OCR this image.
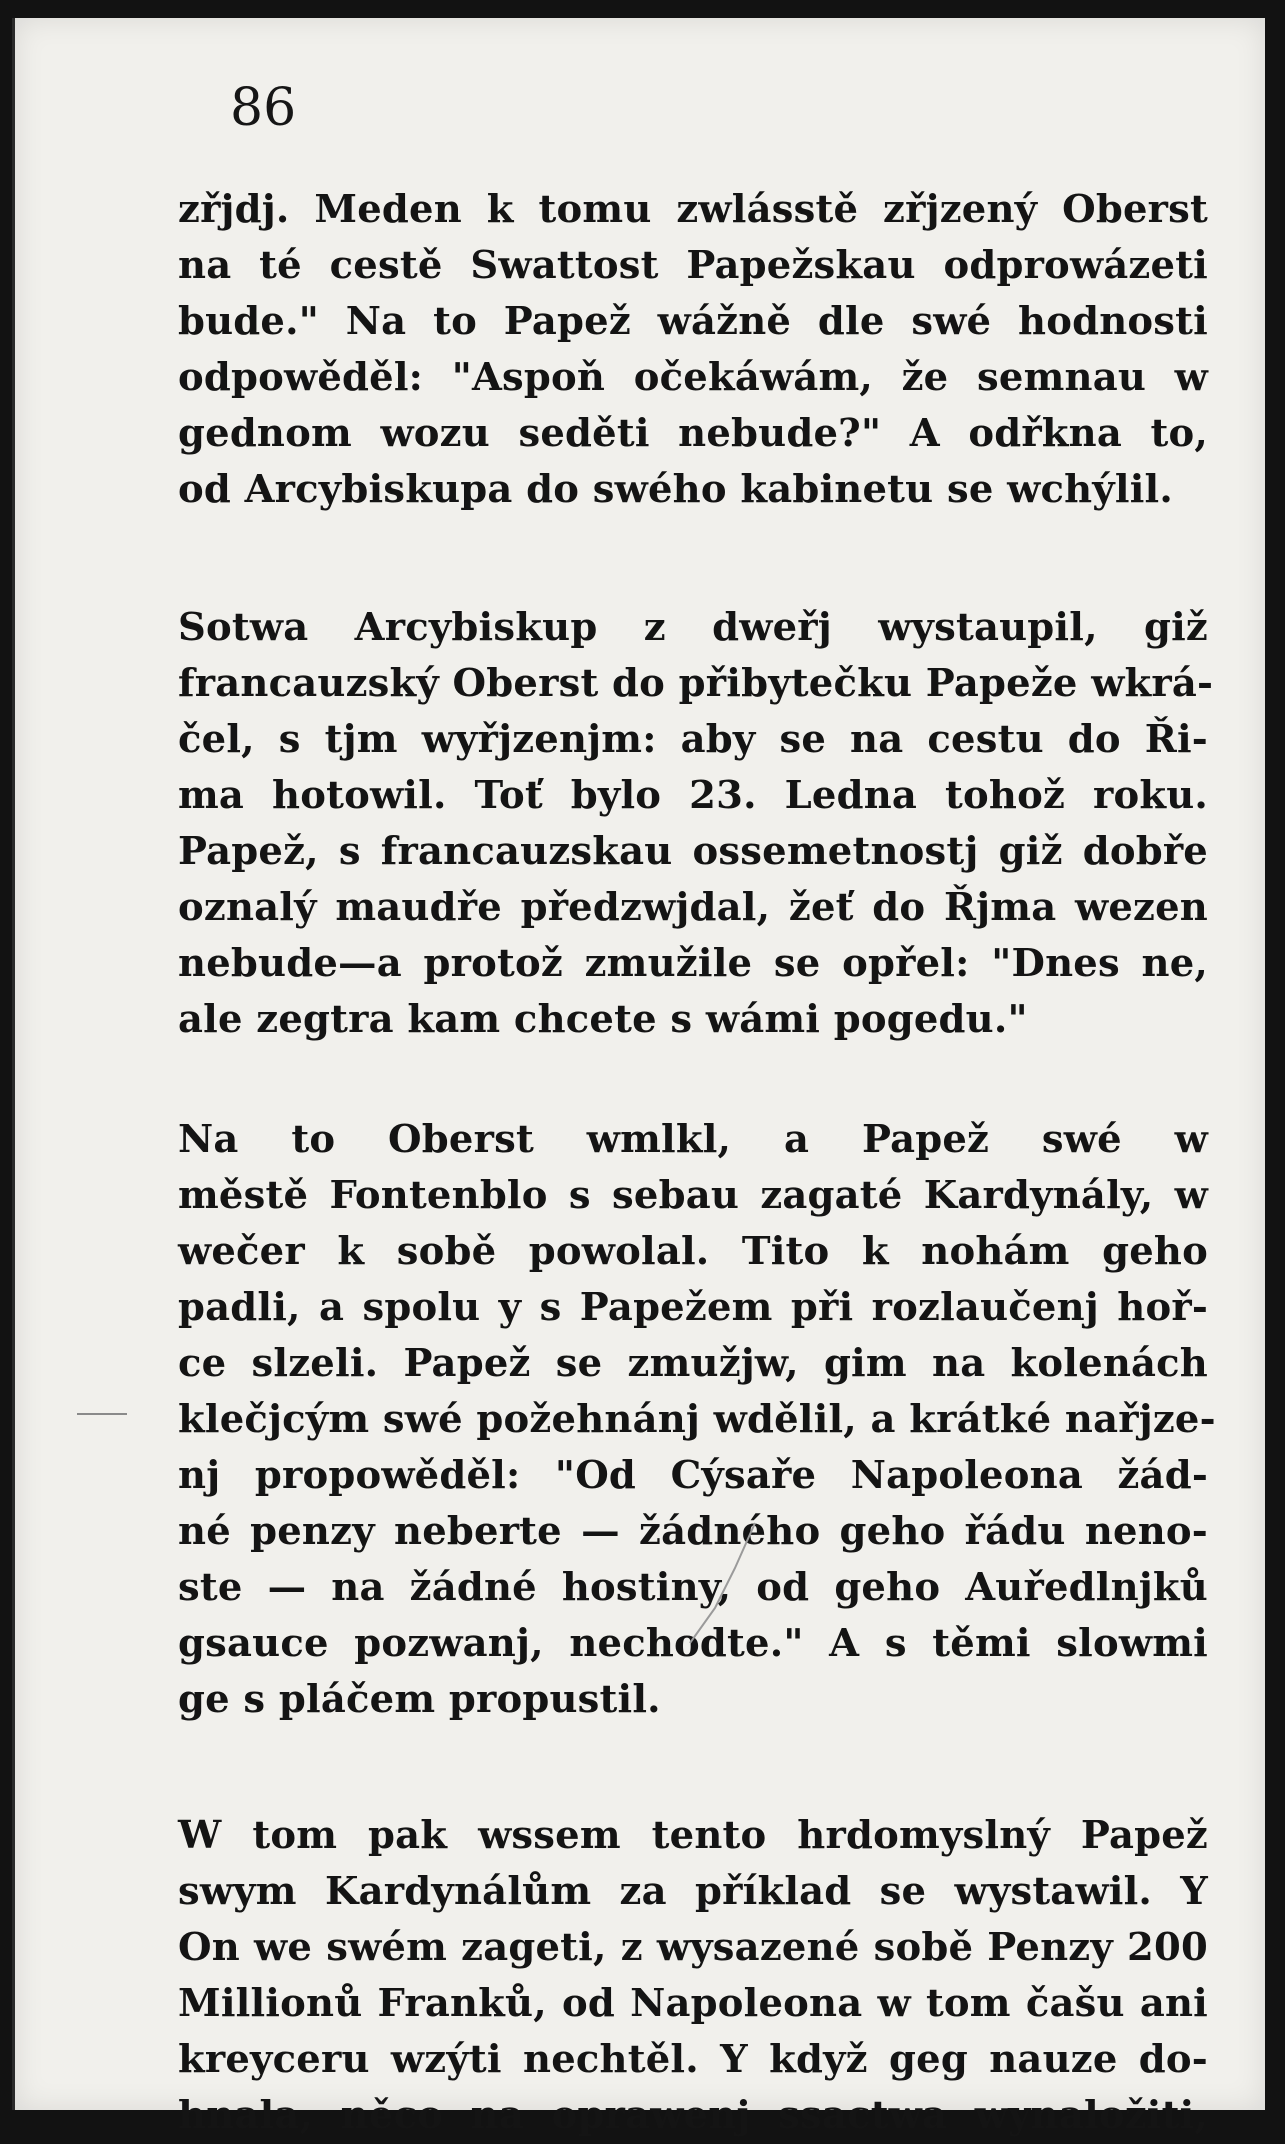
86
zřjdj. Meden k tomu zwlásstě zřjzený Oberst
na té cestě Swattost Papežskau odprowázeti
bude." Na to Papež wážně dle swé hodnosti
odpowěděl: "Aspoň očekáwám, že semnau w
gednom wozu seděti nebude?" A odřkna to,
od Arcybiskupa do swého kabinetu se wchýlil.
Sotwa Arcybiskup z dweřj wystaupil, giž
francauzský Oberst do přibytečku Papeže wkrá-
čel, s tjm wyřjzenjm: aby se na cestu do Ři-
ma hotowil. Toť bylo 23. Ledna tohož roku.
Papež, s francauzskau ossemetnostj giž dobře
oznalý maudře předzwjdal, žeť do Řjma wezen
nebude—a protož zmužile se opřel: "Dnes ne,
ale zegtra kam chcete s wámi pogedu."
Na to Oberst wmlkl, a Papež swé w
městě Fontenblo s sebau zagaté Kardynály, w
wečer k sobě powolal. Tito k nohám geho
padli, a spolu y s Papežem při rozlaučenj hoř-
ce slzeli. Papež se zmužjw, gim na kolenách
klečjcým swé požehnánj wdělil, a krátké nařjze-
nj propowěděl: "Od Cýsaře Napoleona žád-
né penzy neberte — žádného geho řádu neno-
ste — na žádné hostiny, od geho Auředlnjků
gsauce pozwanj, nechodte." A s těmi slowmi
ge s pláčem propustil.
W tom pak wssem tento hrdomyslný Papež
swym Kardynálům za příklad se wystawil. Y
On we swém zageti, z wysazené sobě Penzy 200
Millionů Franků, od Napoleona w tom čašu ani
kreyceru wzýti nechtěl. Y když geg nauze do-
hnala, něco na oprawenj ssactwa wynaložiti,
